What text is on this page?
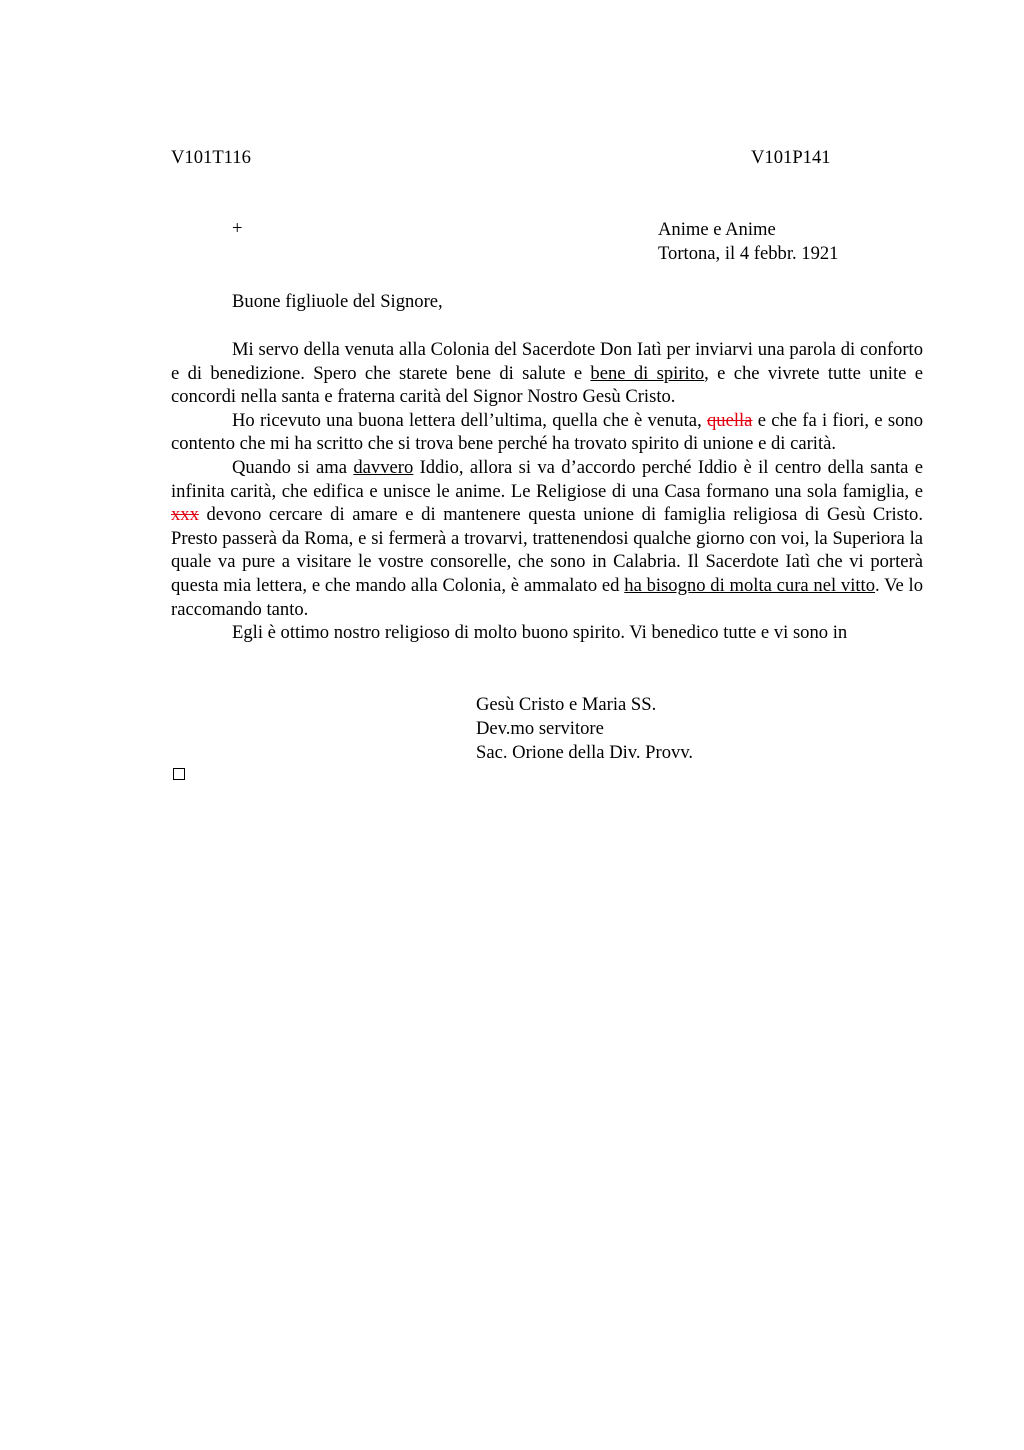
V101T116	V101P141
+	Anime e Anime
Tortona, il 4 febbr. 1921
Buone figliuole del Signore,

Mi servo della venuta alla Colonia del Sacerdote Don Iatì per inviarvi una parola di conforto e di benedizione. Spero che starete bene di salute e bene di spirito, e che vivrete tutte unite e concordi nella santa e fraterna carità del Signor Nostro Gesù Cristo.

Ho ricevuto una buona lettera dell’ultima, quella che è venuta, quella e che fa i fiori, e sono contento che mi ha scritto che si trova bene perché ha trovato spirito di unione e di carità.

Quando si ama davvero Iddio, allora si va d’accordo perché Iddio è il centro della santa e infinita carità, che edifica e unisce le anime. Le Religiose di una Casa formano una sola famiglia, e xxx devono cercare di amare e di mantenere questa unione di famiglia religiosa di Gesù Cristo. Presto passerà da Roma, e si fermerà a trovarvi, trattenendosi qualche giorno con voi, la Superiora la quale va pure a visitare le vostre consorelle, che sono in Calabria. Il Sacerdote Iatì che vi porterà questa mia lettera, e che mando alla Colonia, è ammalato ed ha bisogno di molta cura nel vitto. Ve lo raccomando tanto.

Egli è ottimo nostro religioso di molto buono spirito. Vi benedico tutte e vi sono in

Gesù Cristo e Maria SS.
Dev.mo servitore
Sac. Orione della Div. Provv.
